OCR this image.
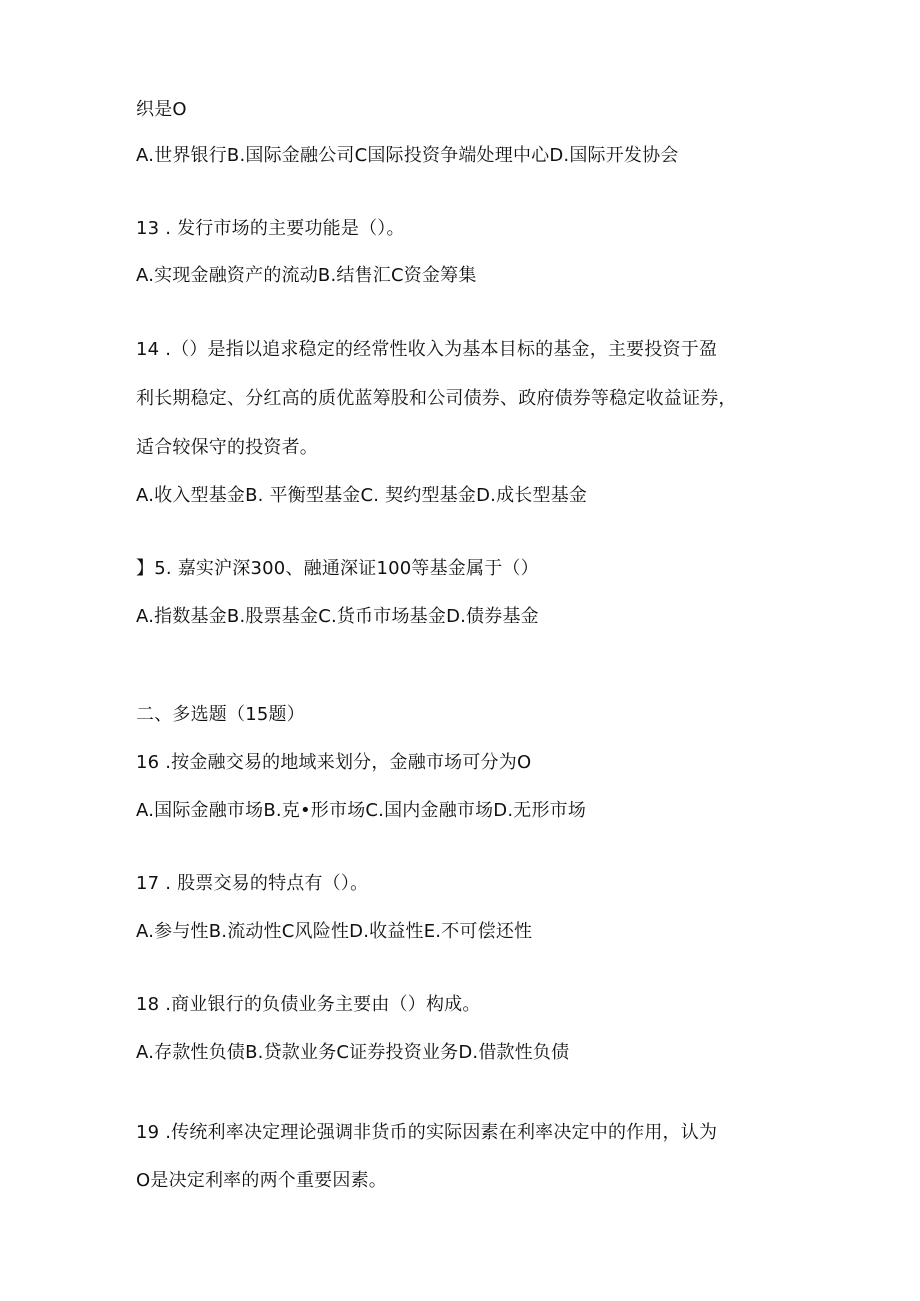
织是O
A.世界银行B.国际金融公司C国际投资争端处理中心D.国际开发协会
13 . 发行市场的主要功能是（）。
A.实现金融资产的流动B.结售汇C资金筹集
14 .（）是指以追求稳定的经常性收入为基本目标的基金，主要投资于盈
利长期稳定、分红高的质优蓝筹股和公司债券、政府债券等稳定收益证券，
适合较保守的投资者。
A.收入型基金B. 平衡型基金C. 契约型基金D.成长型基金
】5. 嘉实沪深300、融通深证100等基金属于（）
A.指数基金B.股票基金C.货币市场基金D.债券基金
二、多选题（15题）
16 .按金融交易的地域来划分，金融市场可分为O
A.国际金融市场B.克•形市场C.国内金融市场D.无形市场
17 . 股票交易的特点有（）。
A.参与性B.流动性C风险性D.收益性E.不可偿还性
18 .商业银行的负债业务主要由（）构成。
A.存款性负债B.贷款业务C证券投资业务D.借款性负债
19 .传统利率决定理论强调非货币的实际因素在利率决定中的作用，认为
O是决定利率的两个重要因素。
